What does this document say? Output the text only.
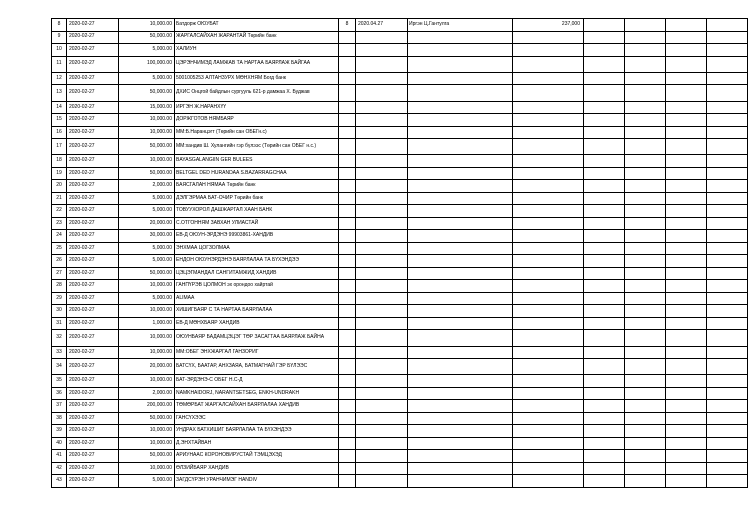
8	2020-02-27	10,000.00	Батдорж ОЮУБАТ	8	2020.04.27	Иргэн Ц.Гантулга	237,000				
9	2020-02-27	50,000.00	ЖАРГАЛСАЙХАН ЖАРАНТАЙ Төрийн банк								
10	2020-02-27	5,000.00	ХАЛИУН								
11	2020-02-27	100,000.00	ЦЭРЭНЧИМЭД ЛАМЖАВ ТА НАРТАА БАЯРЛАЖ БАЙГАА								
12	2020-02-27	5,000.00	5001005253 АЛТАНЗУРХ МӨНХНЯМ Богд банк								
13	2020-02-27	50,000.00	ДХИС Онцгой байдлын сургууль 621-р дамжаа Х. Буджав								
14	2020-02-27	15,000.00	ИРГЭН Ж.НАРАНХҮҮ								
15	2020-02-27	10,000.00	ДОРЖГОТОВ НЯМБАЯР								
16	2020-02-27	10,000.00	ММ:Б.Наранцэгт (Төрийн сан ОБЕГн.с)								
17	2020-02-27	50,000.00	ММ:хандив Ш. Хулангийн гэр бүлээс (Төрийн сан ОБЕГ н.с.)								
18	2020-02-27	10,000.00	BAYASGALANGIIN GER BULEES								
19	2020-02-27	50,000.00	BELTGEL DED HURANDAA S.BAZARRAGCHAA								
20	2020-02-27	2,000.00	БАЯСГАЛАН НЯМАА Төрийн банк								
21	2020-02-27	5,000.00	ДЭЛГЭРМАА БАТ-ОЧИР Төрийн банк								
22	2020-02-27	5,000.00	ТОВУУХОРОЛ ДАШЖАРГАЛ ХААН БАНК								
23	2020-02-27	20,000.00	С.ОТГОННЯМ ЗАВХАН УЛИАСТАЙ								
24	2020-02-27	30,000.00	ЕВ-Д ОЮУН-ЭРДЭНЭ 99903861-ХАНДИВ								
25	2020-02-27	5,000.00	ЭНХМАА ЦОГЗОЛМАА								
26	2020-02-27	5,000.00	ЕНДОН ОЮУНЭРДЭНЭ БАЯРЛАЛАА ТА БҮХЭНДЭЭ								
27	2020-02-27	50,000.00	ЦЭЦЭГМАНДАЛ САНГИТАМЖИД ХАНДИВ								
28	2020-02-27	10,000.00	ГАНПҮРЭВ ЦОЛМОН эх орондоо хайртай								
29	2020-02-27	5,000.00	ALIMAA								
30	2020-02-27	10,000.00	ХИШИГБАЯР С ТА НАРТАА БАЯРЛАЛАА								
31	2020-02-27	1,000.00	ЕВ-Д МӨНХБАЯР ХАНДИВ								
32	2020-02-27	10,000.00	ОЮУНБАЯР БАДАМЦЭЦЭГ ТӨР ЗАСАГТАА БАЯРЛАЖ БАЙНА								
33	2020-02-27	10,000.00	ММ:ОБЕГ ЭНХЖАРГАЛ ГАНЗОРИГ								
34	2020-02-27	20,000.00	БАТСҮХ, БААТАР, АНХЗАЯА, БАТМАГНАЙ ГЭР БҮЛЭЭС								
35	2020-02-27	10,000.00	БАТ-ЭРДЭНЭ-С ОБЕГ Н.С-Д								
36	2020-02-27	2,000.00	NAMKHAIDORJ, NARANTSETSEG, ENKH-UNDRAKH								
37	2020-02-27	200,000.00	ТӨМӨРБАТ ЖАРГАЛСАЙХАН БАЯРЛАЛАА ХАНДИВ								
38	2020-02-27	50,000.00	ГАНСҮХЭЭС								
39	2020-02-27	10,000.00	УНДРАХ БАТХИШИГ БАЯРЛАЛАА ТА БҮХЭНДЭЭ								
40	2020-02-27	10,000.00	Д.ЭНХТАЙВАН								
41	2020-02-27	50,000.00	АРИУНААС КОРОНОВИРУСТАЙ ТЭМЦЭХЭД								
42	2020-02-27	10,000.00	ӨЛЗИЙБАЯР ХАНДИВ								
43	2020-02-27	5,000.00	ЗАГДСҮРЭН УРАНЧИМЭГ HANDIV								
